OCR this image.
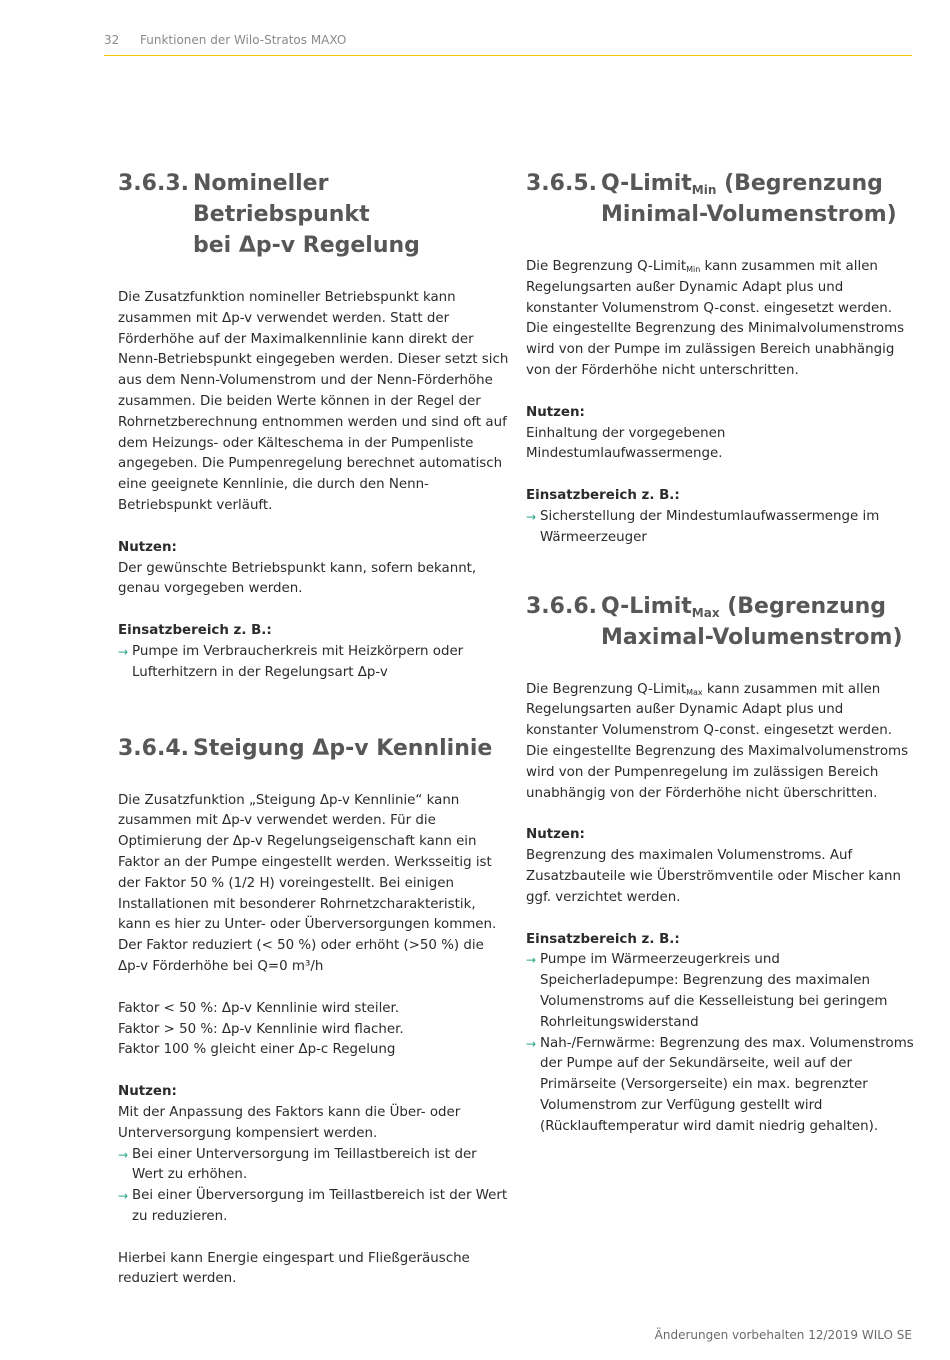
32 Funktionen der Wilo-Stratos MAXO
3.6.3. Nomineller Betriebspunkt
bei Δp-v Regelung

Die Zusatzfunktion nomineller Betriebspunkt kann zusammen mit Δp-v verwendet werden. Statt der Förderhöhe auf der Maximalkennlinie kann direkt der Nenn-Betriebspunkt eingegeben werden. Dieser setzt sich aus dem Nenn-Volumenstrom und der Nenn-Förderhöhe zusammen. Die beiden Werte können in der Regel der Rohrnetzberechnung entnommen werden und sind oft auf dem Heizungs- oder Kälteschema in der Pumpenliste angegeben. Die Pumpenregelung berechnet automatisch eine geeignete Kennlinie, die durch den Nenn-Betriebspunkt verläuft.

Nutzen:

Der gewünschte Betriebspunkt kann, sofern bekannt, genau vorgegeben werden.

Einsatzbereich z. B.:

→ Pumpe im Verbraucherkreis mit Heizkörpern oder Lufterhitzern in der Regelungsart Δp-v
3.6.4. Steigung Δp-v Kennlinie

Die Zusatzfunktion „Steigung Δp-v Kennlinie“ kann zusammen mit Δp-v verwendet werden. Für die Optimierung der Δp-v Regelungseigenschaft kann ein Faktor an der Pumpe eingestellt werden. Werksseitig ist der Faktor 50 % (1/2 H) voreingestellt. Bei einigen Installationen mit besonderer Rohrnetzcharakteristik, kann es hier zu Unter- oder Überversorgungen kommen. Der Faktor reduziert (< 50 %) oder erhöht (>50 %) die Δp-v Förderhöhe bei Q=0 m³/h

Faktor < 50 %: Δp-v Kennlinie wird steiler.

Faktor > 50 %: Δp-v Kennlinie wird flacher.

Faktor 100 % gleicht einer Δp-c Regelung

Nutzen:

Mit der Anpassung des Faktors kann die Über- oder Unterversorgung kompensiert werden.

→ Bei einer Unterversorgung im Teillastbereich ist der Wert zu erhöhen.
→ Bei einer Überversorgung im Teillastbereich ist der Wert zu reduzieren.

Hierbei kann Energie eingespart und Fließgeräusche reduziert werden.

3.6.5. Q-Limit$_{Min}$ (Begrenzung
Minimal-Volumenstrom)

Die Begrenzung Q-Limit$_{Min}$ kann zusammen mit allen Regelungsarten außer Dynamic Adapt plus und konstanter Volumenstrom Q-const. eingesetzt werden. Die eingestellte Begrenzung des Minimalvolumenstroms wird von der Pumpe im zulässigen Bereich unabhängig von der Förderhöhe nicht unterschritten.

Nutzen:

Einhaltung der vorgegebenen Mindestumlaufwassermenge.

Einsatzbereich z. B.:

→ Sicherstellung der Mindestumlaufwassermenge im Wärmeerzeuger
3.6.6. Q-Limit$_{Max}$ (Begrenzung
Maximal-Volumenstrom)

Die Begrenzung Q-Limit$_{Max}$ kann zusammen mit allen Regelungsarten außer Dynamic Adapt plus und konstanter Volumenstrom Q-const. eingesetzt werden. Die eingestellte Begrenzung des Maximalvolumenstroms wird von der Pumpenregelung im zulässigen Bereich unabhängig von der Förderhöhe nicht überschritten.

Nutzen:

Begrenzung des maximalen Volumenstroms. Auf Zusatzbauteile wie Überströmventile oder Mischer kann ggf. verzichtet werden.

Einsatzbereich z. B.:

→ Pumpe im Wärmeerzeugerkreis und Speicherladepumpe: Begrenzung des maximalen Volumenstroms auf die Kesselleistung bei geringem Rohrleitungswiderstand
→ Nah-/Fernwärme: Begrenzung des max. Volumenstroms der Pumpe auf der Sekundärseite, weil auf der Primärseite (Versorgerseite) ein max. begrenzter Volumenstrom zur Verfügung gestellt wird (Rücklauftemperatur wird damit niedrig gehalten).
Änderungen vorbehalten 12/2019 WILO SE
